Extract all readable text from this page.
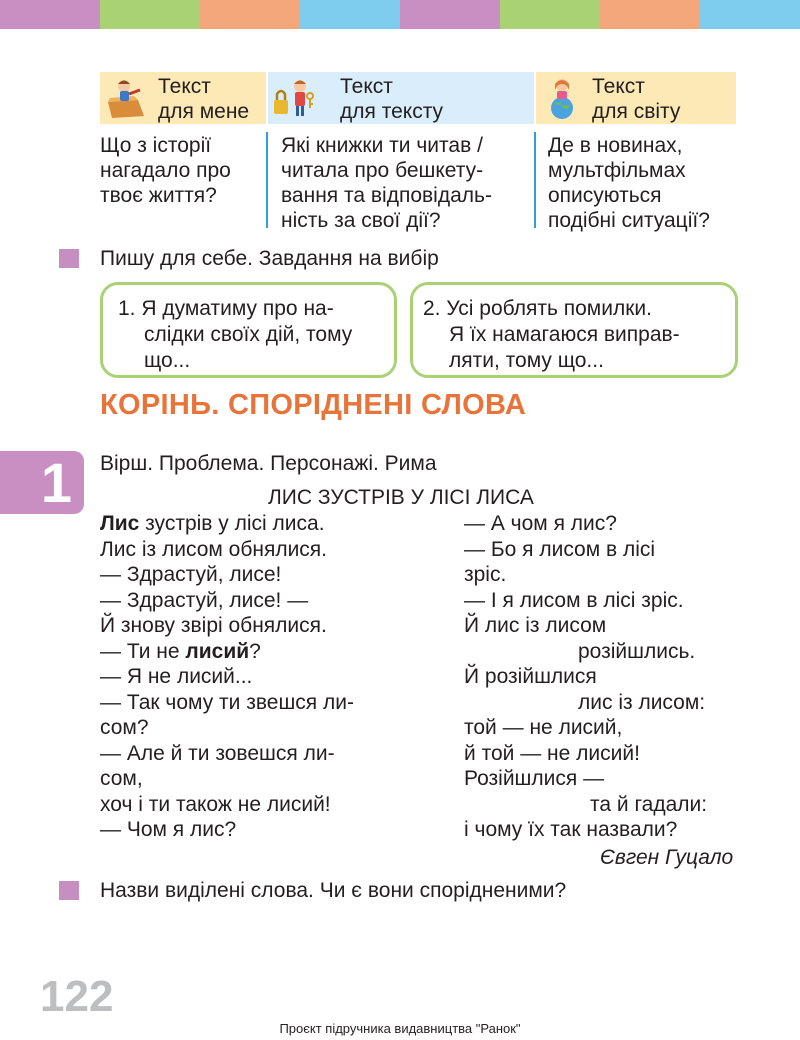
Текст
для мене
Текст
для тексту
Текст
для світу
Що з історії
нагадало про
твоє життя?
Які книжки ти читав /
читала про бешкету-
вання та відповідаль-
ність за свої дії?
Де в новинах,
мультфільмах
описуються
подібні ситуації?
Пишу для себе. Завдання на вибір
1. Я думатиму про на-
слідки своїх дій, тому
що...
2. Усі роблять помилки.
Я їх намагаюся виправ-
ляти, тому що...
КОРІНЬ. СПОРІДНЕНІ СЛОВА
1 Вірш. Проблема. Персонажі. Рима
ЛИС ЗУСТРІВ У ЛІСІ ЛИСА
Лис зустрів у лісі лиса.
Лис із лисом обнялися.
— Здрастуй, лисе!
— Здрастуй, лисе! —
Й знову звірі обнялися.
— Ти не лисий?
— Я не лисий...
— Так чому ти звешся ли-
сом?
— Але й ти зовешся ли-
сом,
хоч і ти також не лисий!
— Чом я лис?
— А чом я лис?
— Бо я лисом в лісі
зріс.
— І я лисом в лісі зріс.
Й лис із лисом
розійшлись.
Й розійшлися
лис із лисом:
той — не лисий,
й той — не лисий!
Розійшлися —
та й гадали:
і чому їх так назвали?
Євген Гуцало
Назви виділені слова. Чи є вони спорідненими?
122
Проєкт підручника видавництва "Ранок"
